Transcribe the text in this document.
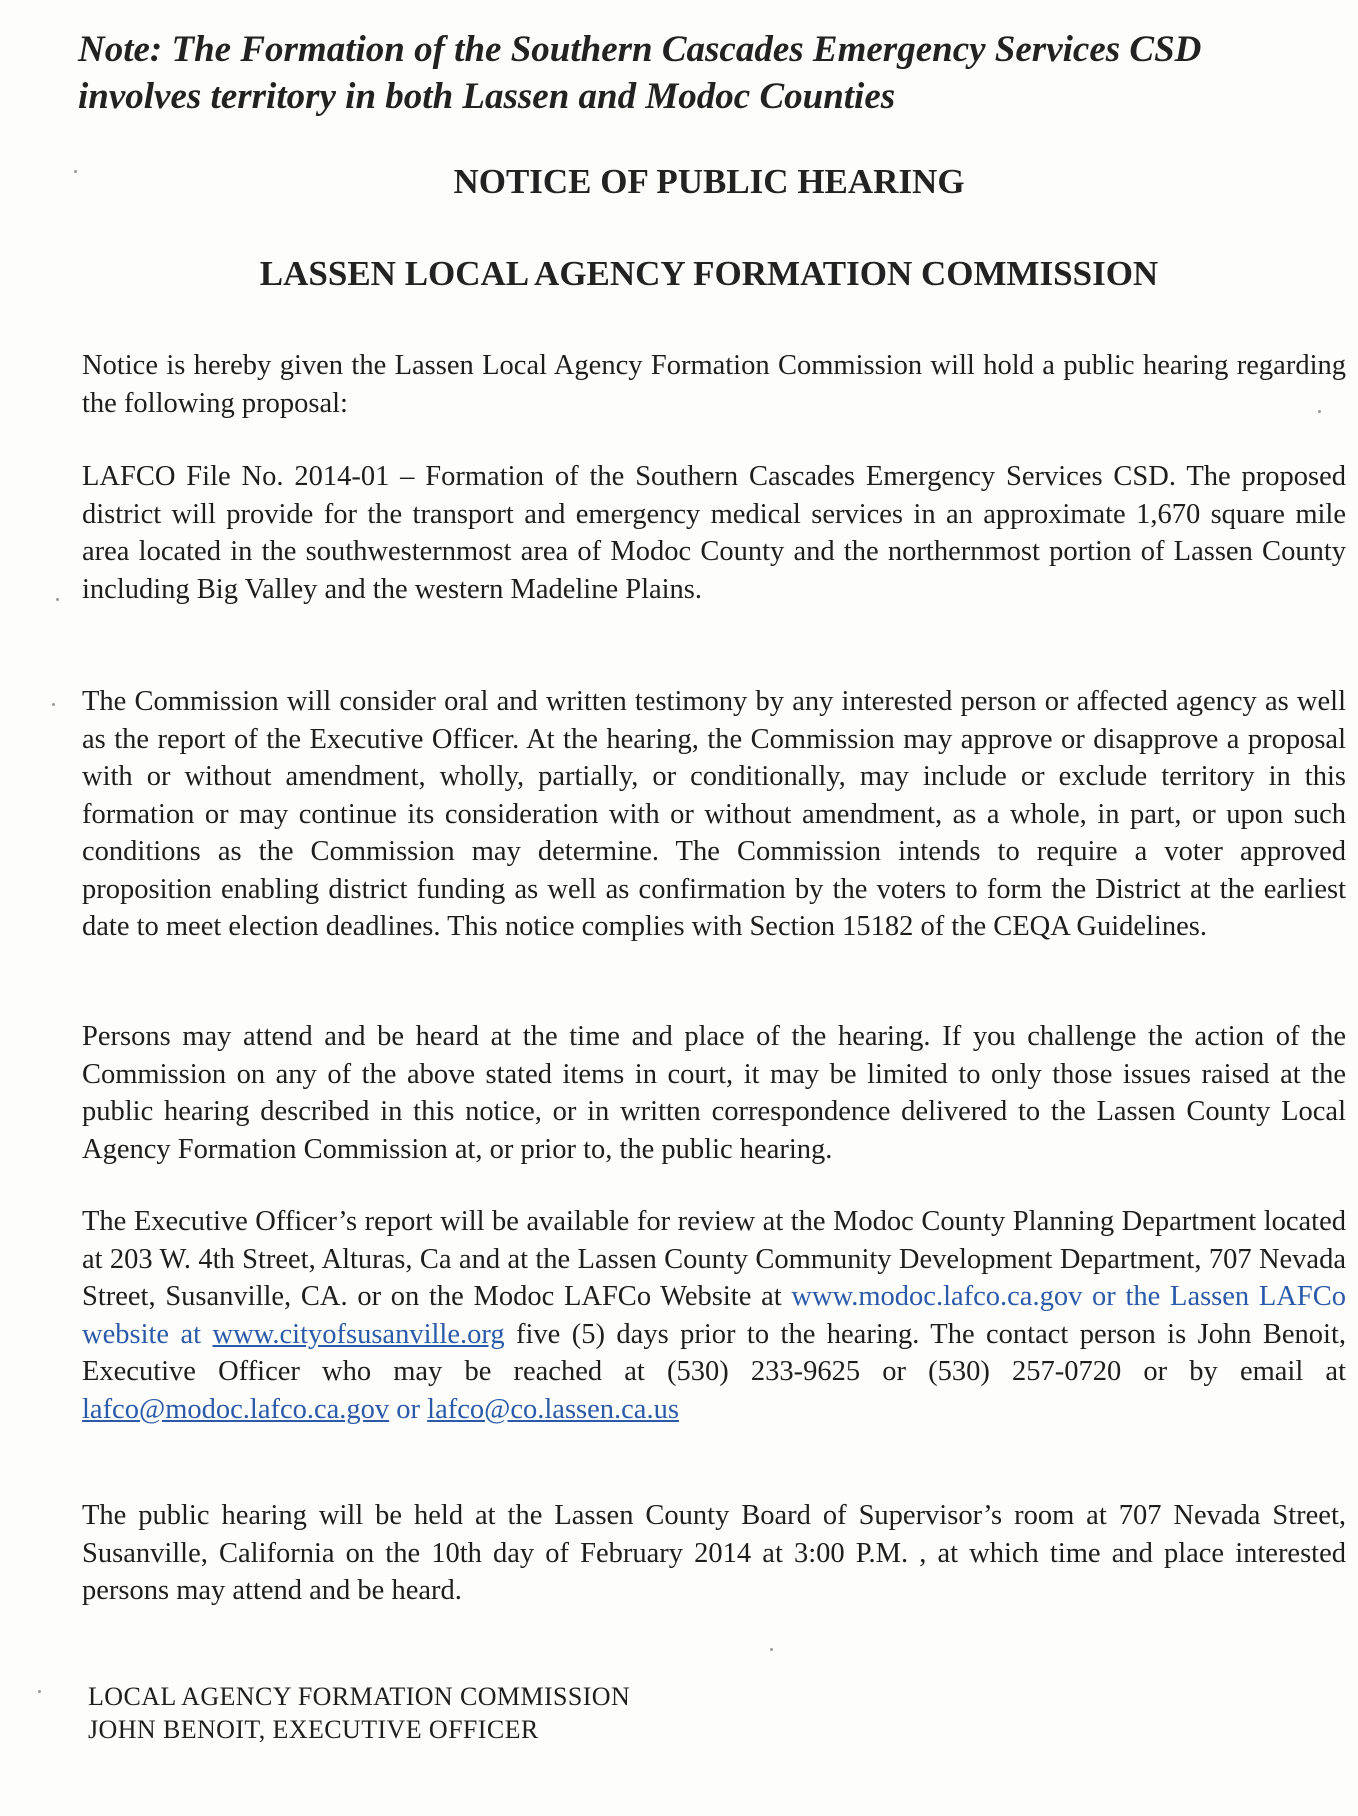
Note: The Formation of the Southern Cascades Emergency Services CSD
involves territory in both Lassen and Modoc Counties

NOTICE OF PUBLIC HEARING
LASSEN LOCAL AGENCY FORMATION COMMISSION

Notice is hereby given the Lassen Local Agency Formation Commission will hold a public hearing regarding the following proposal:

LAFCO File No. 2014-01 – Formation of the Southern Cascades Emergency Services CSD. The proposed district will provide for the transport and emergency medical services in an approximate 1,670 square mile area located in the southwesternmost area of Modoc County and the northernmost portion of Lassen County including Big Valley and the western Madeline Plains.

The Commission will consider oral and written testimony by any interested person or affected agency as well as the report of the Executive Officer. At the hearing, the Commission may approve or disapprove a proposal with or without amendment, wholly, partially, or conditionally, may include or exclude territory in this formation or may continue its consideration with or without amendment, as a whole, in part, or upon such conditions as the Commission may determine. The Commission intends to require a voter approved proposition enabling district funding as well as confirmation by the voters to form the District at the earliest date to meet election deadlines. This notice complies with Section 15182 of the CEQA Guidelines.

Persons may attend and be heard at the time and place of the hearing. If you challenge the action of the Commission on any of the above stated items in court, it may be limited to only those issues raised at the public hearing described in this notice, or in written correspondence delivered to the Lassen County Local Agency Formation Commission at, or prior to, the public hearing.

The Executive Officer’s report will be available for review at the Modoc County Planning Department located at 203 W. 4th Street, Alturas, Ca and at the Lassen County Community Development Department, 707 Nevada Street, Susanville, CA. or on the Modoc LAFCo Website at www.modoc.lafco.ca.gov or the Lassen LAFCo website at www.cityofsusanville.org five (5) days prior to the hearing. The contact person is John Benoit, Executive Officer who may be reached at (530) 233-9625 or (530) 257-0720 or by email at lafco@modoc.lafco.ca.gov or lafco@co.lassen.ca.us

The public hearing will be held at the Lassen County Board of Supervisor’s room at 707 Nevada Street, Susanville, California on the 10th day of February 2014 at 3:00 P.M. , at which time and place interested persons may attend and be heard.

LOCAL AGENCY FORMATION COMMISSION
JOHN BENOIT, EXECUTIVE OFFICER
